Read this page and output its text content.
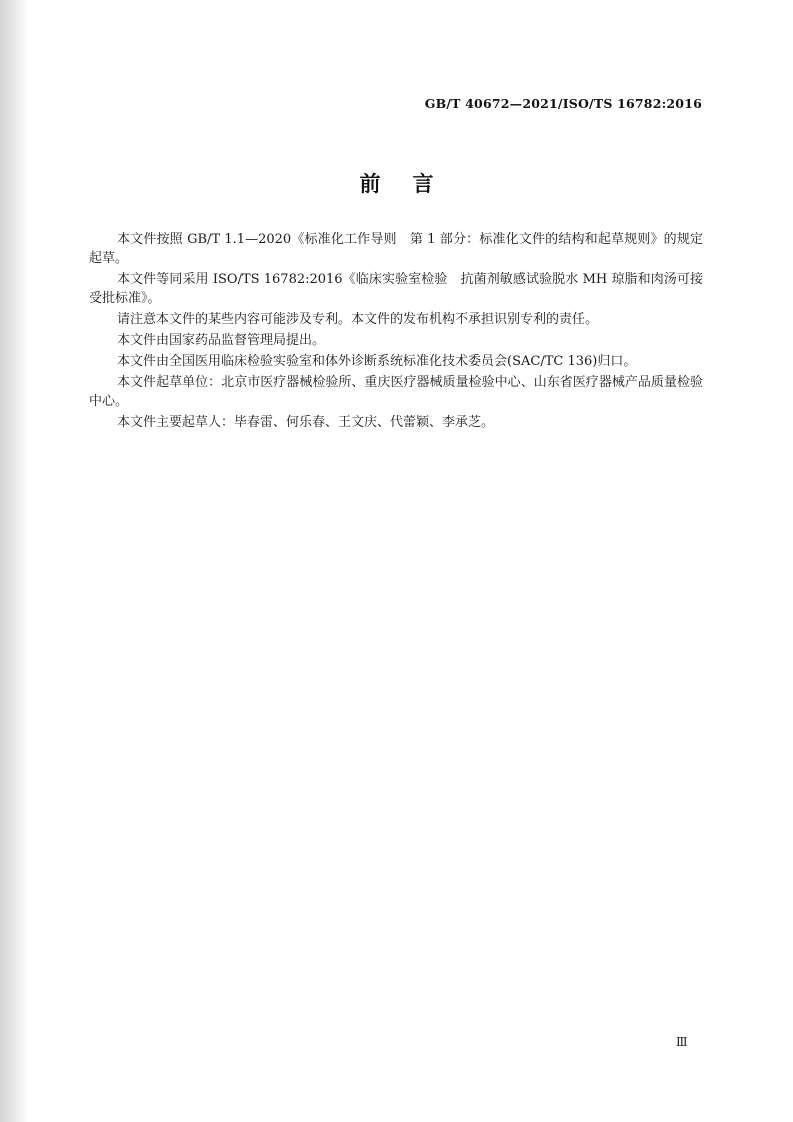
GB/T 40672—2021/ISO/TS 16782:2016
前言

本文件按照 GB/T 1.1—2020《标准化工作导则　第 1 部分：标准化文件的结构和起草规则》的规定起草。

本文件等同采用 ISO/TS 16782:2016《临床实验室检验　抗菌剂敏感试验脱水 MH 琼脂和肉汤可接受批标准》。

请注意本文件的某些内容可能涉及专利。本文件的发布机构不承担识别专利的责任。

本文件由国家药品监督管理局提出。

本文件由全国医用临床检验实验室和体外诊断系统标准化技术委员会(SAC/TC 136)归口。

本文件起草单位：北京市医疗器械检验所、重庆医疗器械质量检验中心、山东省医疗器械产品质量检验中心。

本文件主要起草人：毕春雷、何乐春、王文庆、代蕾颖、李承芝。

Ⅲ
